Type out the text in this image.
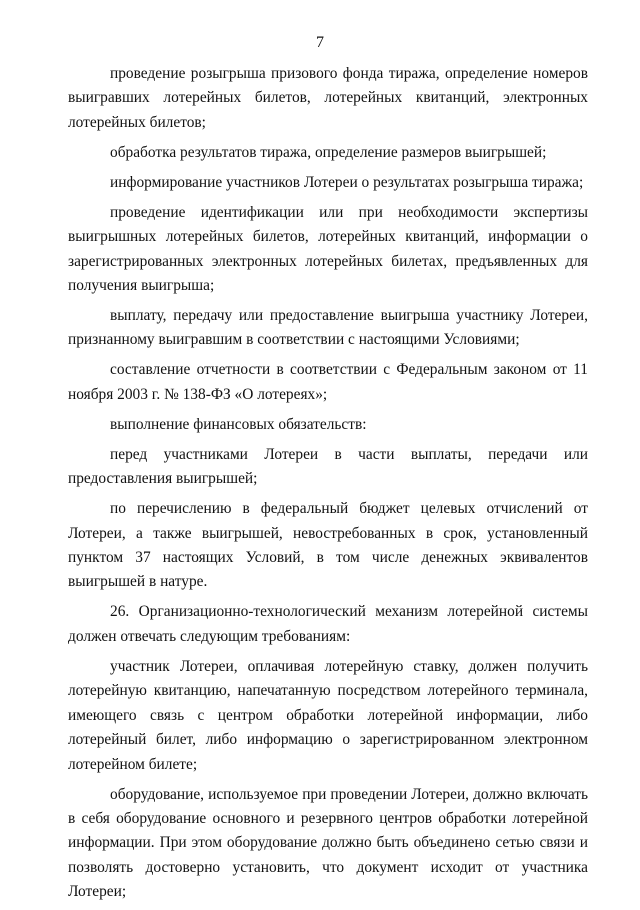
7

проведение розыгрыша призового фонда тиража, определение номеров выигравших лотерейных билетов, лотерейных квитанций, электронных лотерейных билетов;

обработка результатов тиража, определение размеров выигрышей;

информирование участников Лотереи о результатах розыгрыша тиража;

проведение идентификации или при необходимости экспертизы выигрышных лотерейных билетов, лотерейных квитанций, информации о зарегистрированных электронных лотерейных билетах, предъявленных для получения выигрыша;

выплату, передачу или предоставление выигрыша участнику Лотереи, признанному выигравшим в соответствии с настоящими Условиями;

составление отчетности в соответствии с Федеральным законом от 11 ноября 2003 г. № 138-ФЗ «О лотереях»;

выполнение финансовых обязательств:

перед участниками Лотереи в части выплаты, передачи или предоставления выигрышей;

по перечислению в федеральный бюджет целевых отчислений от Лотереи, а также выигрышей, невостребованных в срок, установленный пунктом 37 настоящих Условий, в том числе денежных эквивалентов выигрышей в натуре.

26. Организационно-технологический механизм лотерейной системы должен отвечать следующим требованиям:

участник Лотереи, оплачивая лотерейную ставку, должен получить лотерейную квитанцию, напечатанную посредством лотерейного терминала, имеющего связь с центром обработки лотерейной информации, либо лотерейный билет, либо информацию о зарегистрированном электронном лотерейном билете;

оборудование, используемое при проведении Лотереи, должно включать в себя оборудование основного и резервного центров обработки лотерейной информации. При этом оборудование должно быть объединено сетью связи и позволять достоверно установить, что документ исходит от участника Лотереи;
